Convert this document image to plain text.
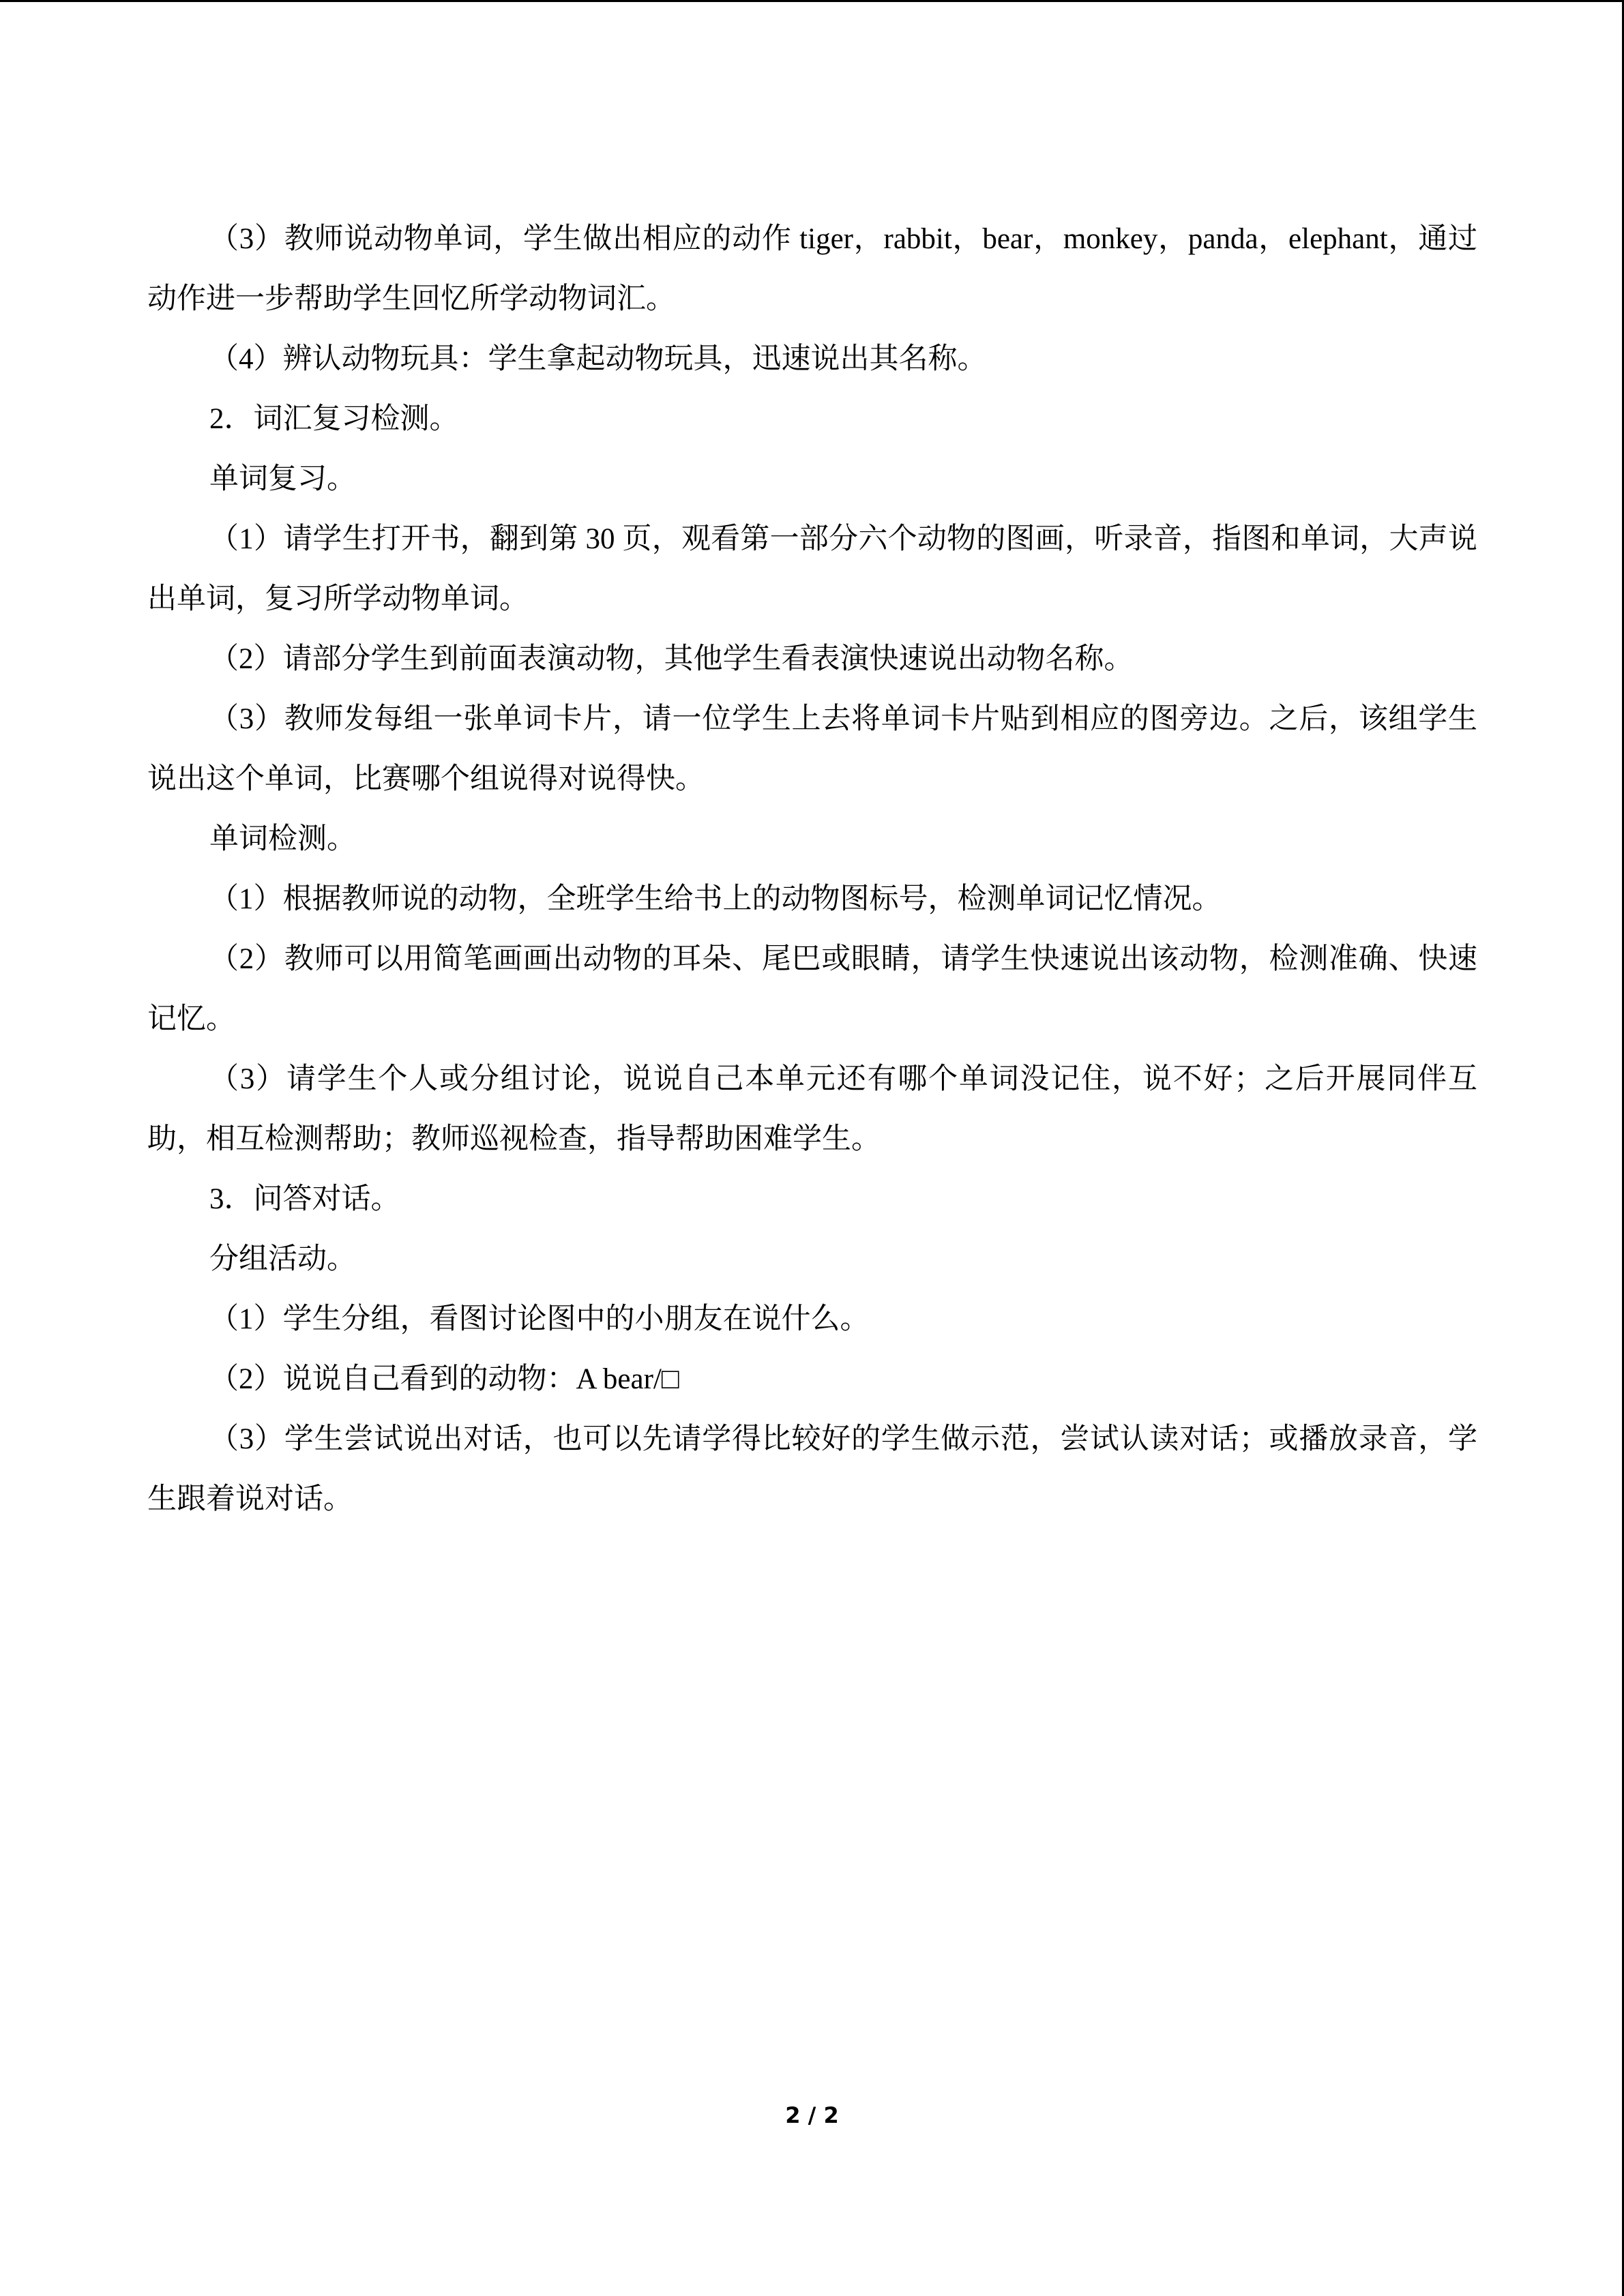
（3）教师说动物单词，学生做出相应的动作 tiger，rabbit，bear，monkey，panda，elephant，通过动作进一步帮助学生回忆所学动物词汇。

（4）辨认动物玩具：学生拿起动物玩具，迅速说出其名称。

2．词汇复习检测。

单词复习。

（1）请学生打开书，翻到第 30 页，观看第一部分六个动物的图画，听录音，指图和单词，大声说出单词，复习所学动物单词。

（2）请部分学生到前面表演动物，其他学生看表演快速说出动物名称。

（3）教师发每组一张单词卡片，请一位学生上去将单词卡片贴到相应的图旁边。之后，该组学生说出这个单词，比赛哪个组说得对说得快。

单词检测。

（1）根据教师说的动物，全班学生给书上的动物图标号，检测单词记忆情况。

（2）教师可以用简笔画画出动物的耳朵、尾巴或眼睛，请学生快速说出该动物，检测准确、快速记忆。

（3）请学生个人或分组讨论，说说自己本单元还有哪个单词没记住，说不好；之后开展同伴互助，相互检测帮助；教师巡视检查，指导帮助困难学生。

3．问答对话。

分组活动。

（1）学生分组，看图讨论图中的小朋友在说什么。

（2）说说自己看到的动物：A bear/□

（3）学生尝试说出对话，也可以先请学得比较好的学生做示范，尝试认读对话；或播放录音，学生跟着说对话。

2 / 2
